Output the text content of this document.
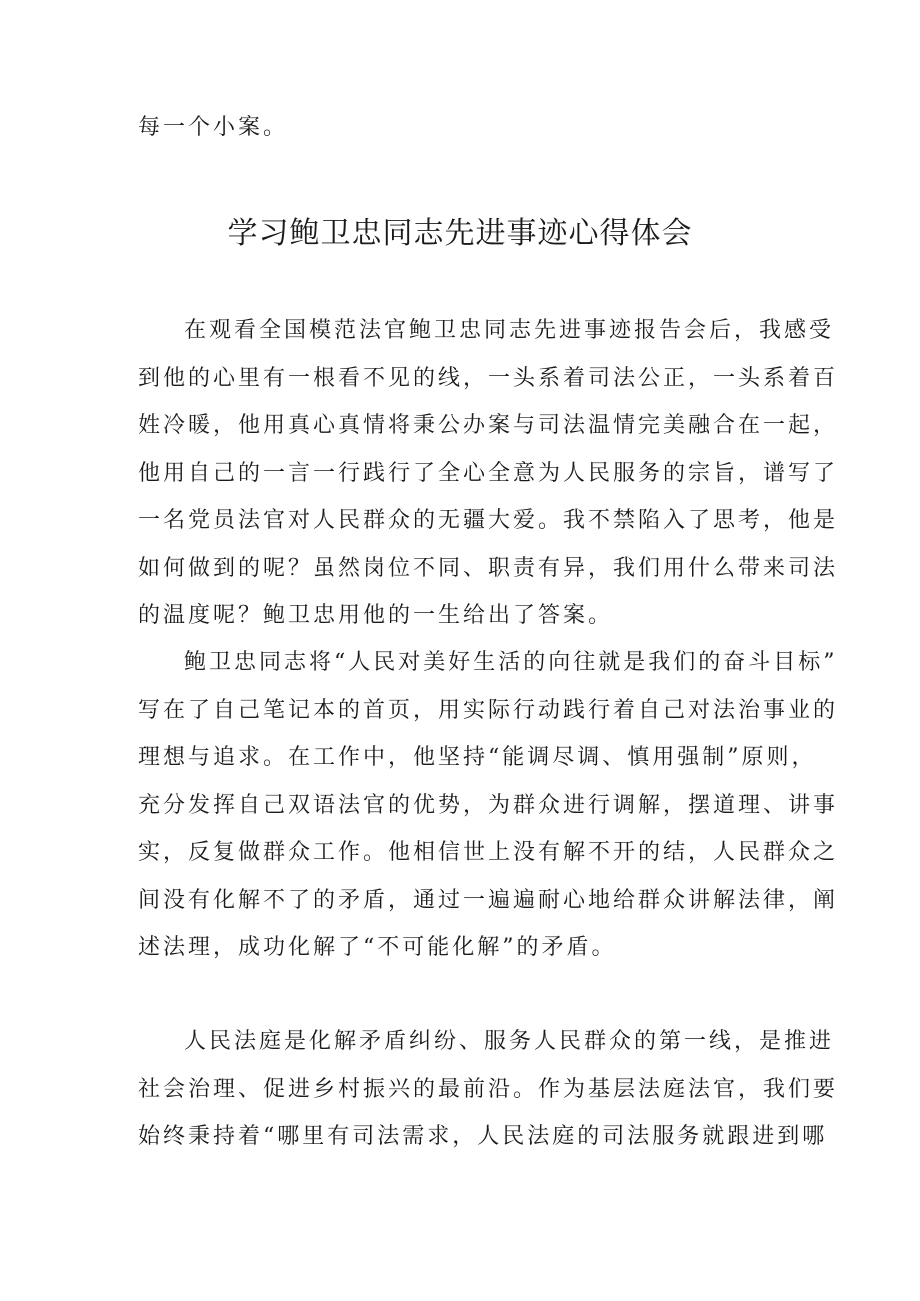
每一个小案。
学习鲍卫忠同志先进事迹心得体会
在观看全国模范法官鲍卫忠同志先进事迹报告会后，我感受
到他的心里有一根看不见的线，一头系着司法公正，一头系着百
姓冷暖，他用真心真情将秉公办案与司法温情完美融合在一起，
他用自己的一言一行践行了全心全意为人民服务的宗旨，谱写了
一名党员法官对人民群众的无疆大爱。我不禁陷入了思考，他是
如何做到的呢？虽然岗位不同、职责有异，我们用什么带来司法
的温度呢？鲍卫忠用他的一生给出了答案。
鲍卫忠同志将“人民对美好生活的向往就是我们的奋斗目标”
写在了自己笔记本的首页，用实际行动践行着自己对法治事业的
理想与追求。在工作中，他坚持“能调尽调、慎用强制”原则，
充分发挥自己双语法官的优势，为群众进行调解，摆道理、讲事
实，反复做群众工作。他相信世上没有解不开的结，人民群众之
间没有化解不了的矛盾，通过一遍遍耐心地给群众讲解法律，阐
述法理，成功化解了“不可能化解”的矛盾。
人民法庭是化解矛盾纠纷、服务人民群众的第一线，是推进
社会治理、促进乡村振兴的最前沿。作为基层法庭法官，我们要
始终秉持着“哪里有司法需求，人民法庭的司法服务就跟进到哪
